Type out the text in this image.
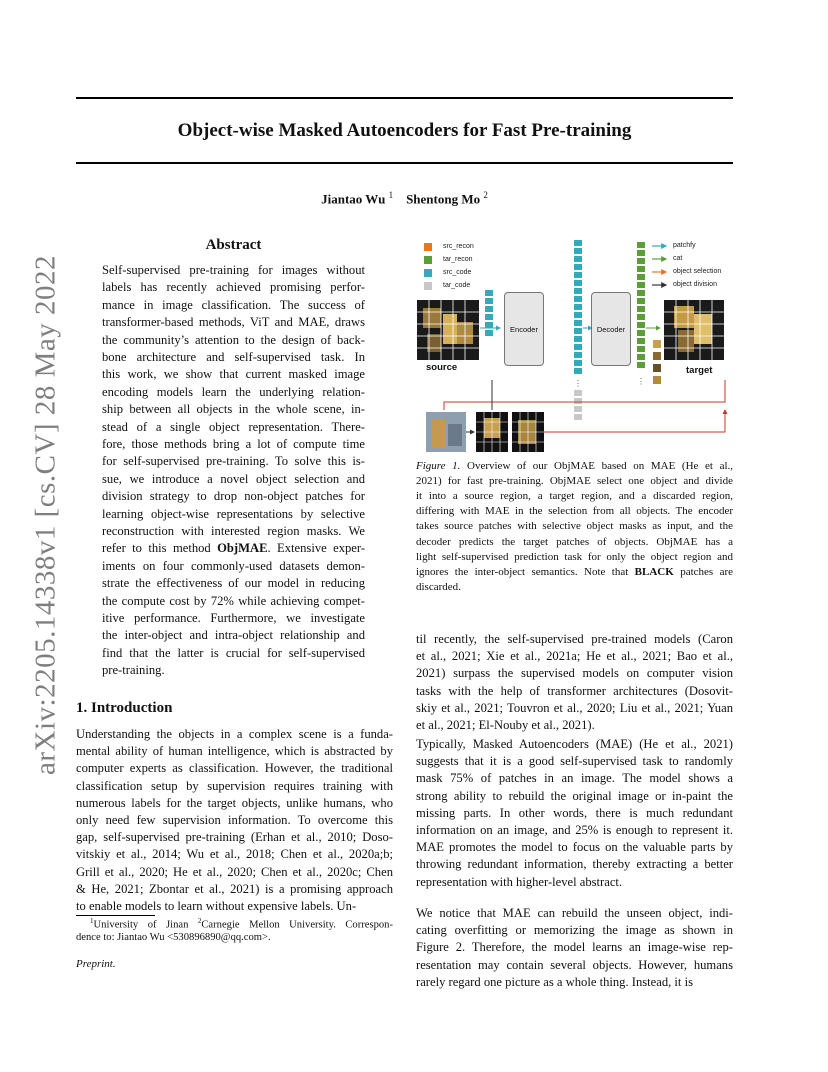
arXiv:2205.14338v1 [cs.CV] 28 May 2022
Object-wise Masked Autoencoders for Fast Pre-training
Jiantao Wu $^1$ Shentong Mo $^2$
Abstract
Self-supervised pre-training for images without
labels has recently achieved promising perfor-
mance in image classification. The success of
transformer-based methods, ViT and MAE, draws
the community’s attention to the design of back-
bone architecture and self-supervised task. In
this work, we show that current masked image
encoding models learn the underlying relation-
ship between all objects in the whole scene, in-
stead of a single object representation. There-
fore, those methods bring a lot of compute time
for self-supervised pre-training. To solve this is-
sue, we introduce a novel object selection and
division strategy to drop non-object patches for
learning object-wise representations by selective
reconstruction with interested region masks. We
refer to this method ObjMAE. Extensive exper-
iments on four commonly-used datasets demon-
strate the effectiveness of our model in reducing
the compute cost by 72% while achieving compet-
itive performance. Furthermore, we investigate
the inter-object and intra-object relationship and
find that the latter is crucial for self-supervised
pre-training.
1. Introduction
Understanding the objects in a complex scene is a funda-
mental ability of human intelligence, which is abstracted by
computer experts as classification. However, the traditional
classification setup by supervision requires training with
numerous labels for the target objects, unlike humans, who
only need few supervision information. To overcome this
gap, self-supervised pre-training (Erhan et al., 2010; Doso-
vitskiy et al., 2014; Wu et al., 2018; Chen et al., 2020a;b;
Grill et al., 2020; He et al., 2020; Chen et al., 2020c; Chen
& He, 2021; Zbontar et al., 2021) is a promising approach
to enable models to learn without expensive labels. Un-
$^1$University of Jinan $^2$Carnegie Mellon University. Correspon-
dence to: Jiantao Wu <530896890@qq.com>.
Preprint.
src_recon
tar_recon
src_code
tar_code
patchfy
cat
object selection
object division
source
⋮	⋮
Encoder	Decoder
target
Figure 1. Overview of our ObjMAE based on MAE (He et al.,
2021) for fast pre-training. ObjMAE select one object and divide
it into a source region, a target region, and a discarded region,
differing with MAE in the selection from all objects. The encoder
takes source patches with selective object masks as input, and the
decoder predicts the target patches of objects. ObjMAE has a
light self-supervised prediction task for only the object region and
ignores the inter-object semantics. Note that BLACK patches are
discarded.
til recently, the self-supervised pre-trained models (Caron
et al., 2021; Xie et al., 2021a; He et al., 2021; Bao et al.,
2021) surpass the supervised models on computer vision
tasks with the help of transformer architectures (Dosovit-
skiy et al., 2021; Touvron et al., 2020; Liu et al., 2021; Yuan
et al., 2021; El-Nouby et al., 2021).
Typically, Masked Autoencoders (MAE) (He et al., 2021)
suggests that it is a good self-supervised task to randomly
mask 75% of patches in an image. The model shows a
strong ability to rebuild the original image or in-paint the
missing parts. In other words, there is much redundant
information on an image, and 25% is enough to represent it.
MAE promotes the model to focus on the valuable parts by
throwing redundant information, thereby extracting a better
representation with higher-level abstract.
We notice that MAE can rebuild the unseen object, indi-
cating overfitting or memorizing the image as shown in
Figure 2. Therefore, the model learns an image-wise rep-
resentation may contain several objects. However, humans
rarely regard one picture as a whole thing. Instead, it is
